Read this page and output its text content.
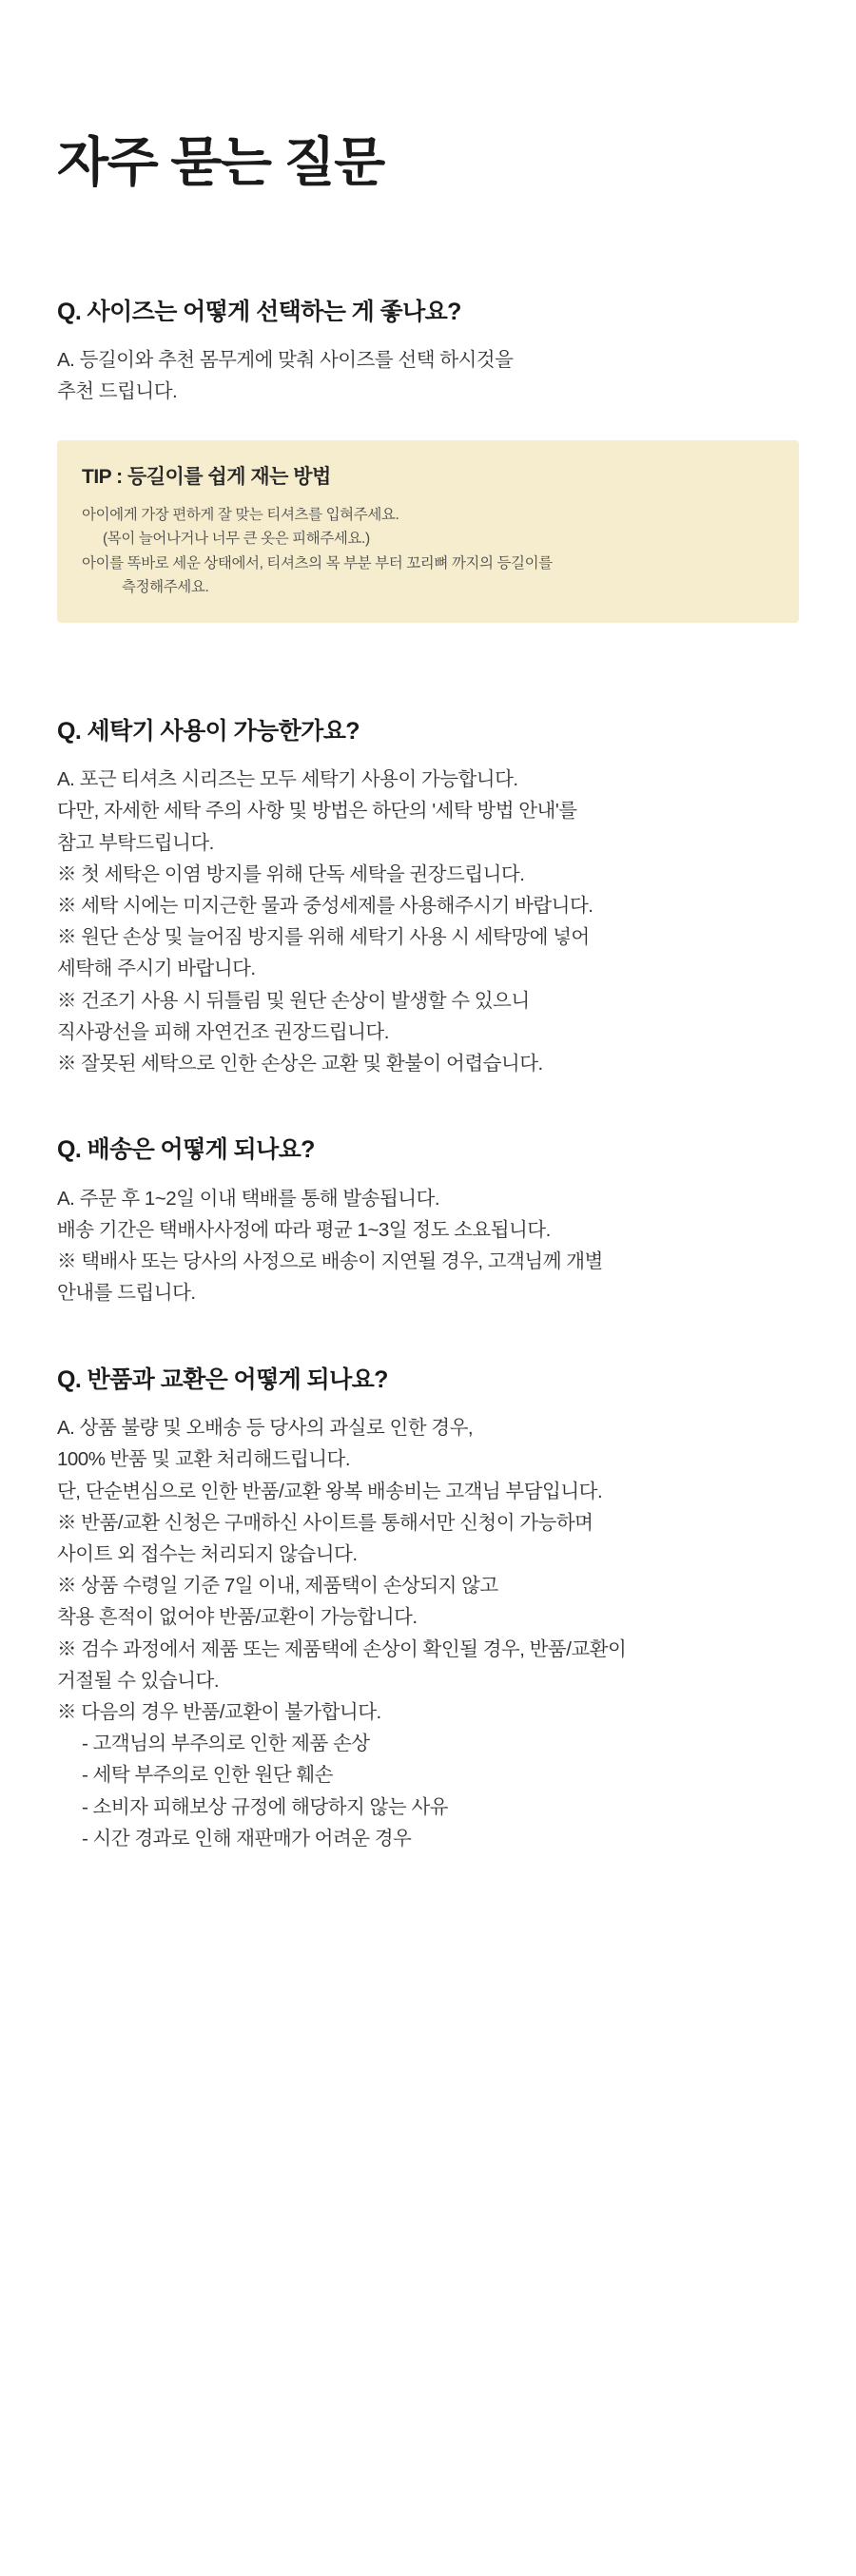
자주 묻는 질문
Q. 사이즈는 어떻게 선택하는 게 좋나요?

A. 등길이와 추천 몸무게에 맞춰 사이즈를 선택 하시것을

추천 드립니다.

TIP : 등길이를 쉽게 재는 방법

아이에게 가장 편하게 잘 맞는 티셔츠를 입혀주세요.

(목이 늘어나거나 너무 큰 옷은 피해주세요.)

아이를 똑바로 세운 상태에서, 티셔츠의 목 부분 부터 꼬리뼈 까지의 등길이를

측정해주세요.

Q. 세탁기 사용이 가능한가요?

A. 포근 티셔츠 시리즈는 모두 세탁기 사용이 가능합니다.

다만, 자세한 세탁 주의 사항 및 방법은 하단의 '세탁 방법 안내'를

참고 부탁드립니다.

※ 첫 세탁은 이염 방지를 위해 단독 세탁을 권장드립니다.

※ 세탁 시에는 미지근한 물과 중성세제를 사용해주시기 바랍니다.

※ 원단 손상 및 늘어짐 방지를 위해 세탁기 사용 시 세탁망에 넣어

세탁해 주시기 바랍니다.

※ 건조기 사용 시 뒤틀림 및 원단 손상이 발생할 수 있으니

직사광선을 피해 자연건조 권장드립니다.

※ 잘못된 세탁으로 인한 손상은 교환 및 환불이 어렵습니다.

Q. 배송은 어떻게 되나요?

A. 주문 후 1~2일 이내 택배를 통해 발송됩니다.

배송 기간은 택배사사정에 따라 평균 1~3일 정도 소요됩니다.

※ 택배사 또는 당사의 사정으로 배송이 지연될 경우, 고객님께 개별

안내를 드립니다.

Q. 반품과 교환은 어떻게 되나요?

A. 상품 불량 및 오배송 등 당사의 과실로 인한 경우,

100% 반품 및 교환 처리해드립니다.

단, 단순변심으로 인한 반품/교환 왕복 배송비는 고객님 부담입니다.

※ 반품/교환 신청은 구매하신 사이트를 통해서만 신청이 가능하며

사이트 외 접수는 처리되지 않습니다.

※ 상품 수령일 기준 7일 이내, 제품택이 손상되지 않고

착용 흔적이 없어야 반품/교환이 가능합니다.

※ 검수 과정에서 제품 또는 제품택에 손상이 확인될 경우, 반품/교환이

거절될 수 있습니다.

※ 다음의 경우 반품/교환이 불가합니다.

- 고객님의 부주의로 인한 제품 손상

- 세탁 부주의로 인한 원단 훼손

- 소비자 피해보상 규정에 해당하지 않는 사유

- 시간 경과로 인해 재판매가 어려운 경우
